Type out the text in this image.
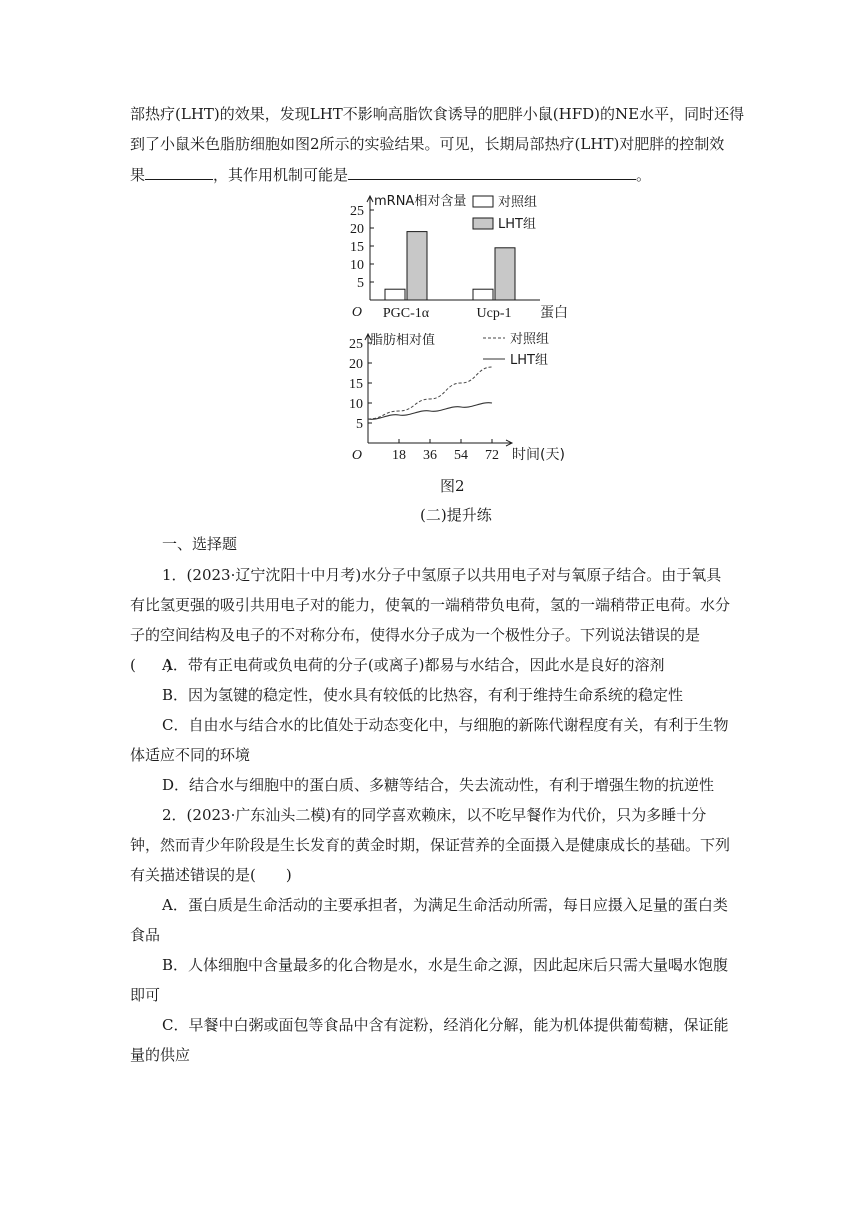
部热疗(LHT)的效果，发现LHT不影响高脂饮食诱导的肥胖小鼠(HFD)的NE水平，同时还得
到了小鼠米色脂肪细胞如图2所示的实验结果。可见，长期局部热疗(LHT)对肥胖的控制效
果	，其作用机制可能是	。
25
20
15
10
5
O
mRNA相对含量
PGC-1α	Ucp-1 蛋白
对照组
LHT组
25
20
15
10
5
18 36 54 72
O	时间(天)
脂肪相对值	对照组
LHT组
图2
(二)提升练
一、选择题

1．(2023·辽宁沈阳十中月考)水分子中氢原子以共用电子对与氧原子结合。由于氧具有比氢更强的吸引共用电子对的能力，使氧的一端稍带负电荷，氢的一端稍带正电荷。水分子的空间结构及电子的不对称分布，使得水分子成为一个极性分子。下列说法错误的是(　　)

A．带有正电荷或负电荷的分子(或离子)都易与水结合，因此水是良好的溶剂

B．因为氢键的稳定性，使水具有较低的比热容，有利于维持生命系统的稳定性

C．自由水与结合水的比值处于动态变化中，与细胞的新陈代谢程度有关，有利于生物体适应不同的环境

D．结合水与细胞中的蛋白质、多糖等结合，失去流动性，有利于增强生物的抗逆性

2．(2023·广东汕头二模)有的同学喜欢赖床，以不吃早餐作为代价，只为多睡十分钟，然而青少年阶段是生长发育的黄金时期，保证营养的全面摄入是健康成长的基础。下列有关描述错误的是(　　)

A．蛋白质是生命活动的主要承担者，为满足生命活动所需，每日应摄入足量的蛋白类食品

B．人体细胞中含量最多的化合物是水，水是生命之源，因此起床后只需大量喝水饱腹即可

C．早餐中白粥或面包等食品中含有淀粉，经消化分解，能为机体提供葡萄糖，保证能量的供应
